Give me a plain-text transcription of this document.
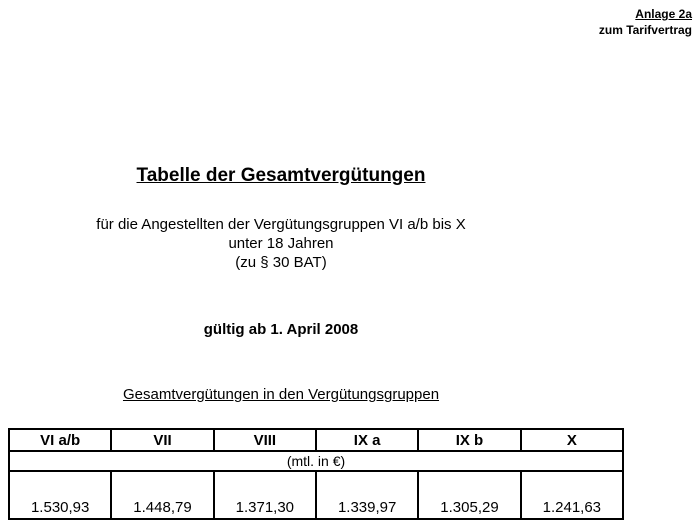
Anlage 2a
zum Tarifvertrag
Tabelle der Gesamtvergütungen
für die Angestellten der Vergütungsgruppen VI a/b bis X
unter 18 Jahren
(zu § 30 BAT)
gültig ab 1. April 2008
Gesamtvergütungen in den Vergütungsgruppen
VI a/b	VII	VIII	IX a	IX b	X
(mtl. in €)					
1.530,93	1.448,79	1.371,30	1.339,97	1.305,29	1.241,63
